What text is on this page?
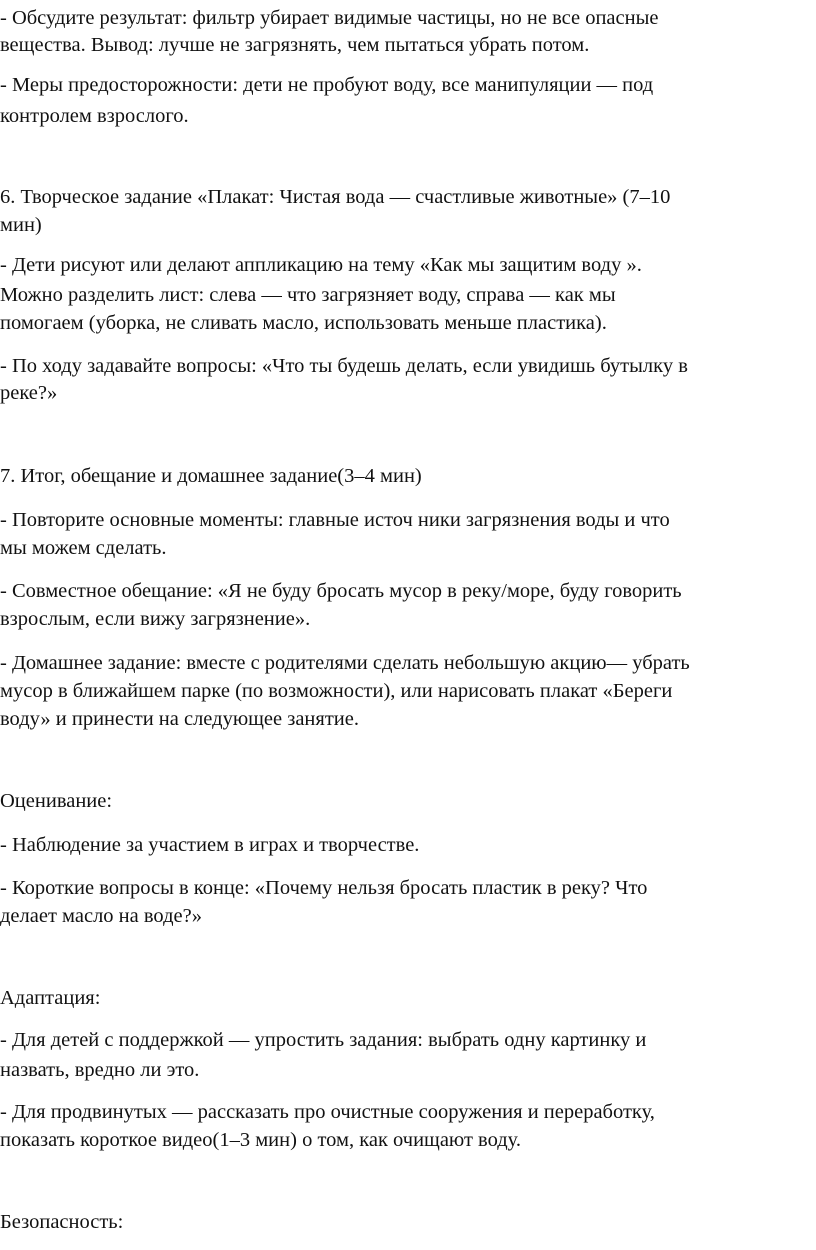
- Обсудите результат: фильтр убирает видимые частицы, но не все опасные

вещества. Вывод: лучше не загрязнять, чем пытаться убрать потом.

- Меры предосторожности: дети не пробуют воду, все манипуляции — под

контролем взрослого.

6. Творческое задание «Плакат: Чистая вода — счастливые животные» (7–10

мин)

- Дети рисуют или делают аппликацию на тему «Как мы защитим воду ».

Можно разделить лист: слева — что загрязняет воду, справа — как мы

помогаем (уборка, не сливать масло, использовать меньше пластика).

- По ходу задавайте вопросы: «Что ты будешь делать, если увидишь бутылку в

реке?»

7. Итог, обещание и домашнее задание(3–4 мин)

- Повторите основные моменты: главные источ ники загрязнения воды и что

мы можем сделать.

- Совместное обещание: «Я не буду бросать мусор в реку/море, буду говорить

взрослым, если вижу загрязнение».

- Домашнее задание: вместе с родителями сделать небольшую акцию— убрать

мусор в ближайшем парке (по возможности), или нарисовать плакат «Береги

воду» и принести на следующее занятие.

Оценивание:

- Наблюдение за участием в играх и творчестве.

- Короткие вопросы в конце: «Почему нельзя бросать пластик в реку? Что

делает масло на воде?»

Адаптация:

- Для детей с поддержкой — упростить задания: выбрать одну картинку и

назвать, вредно ли это.

- Для продвинутых — рассказать про очистные сооружения и переработку,

показать короткое видео(1–3 мин) о том, как очищают воду.

Безопасность:
